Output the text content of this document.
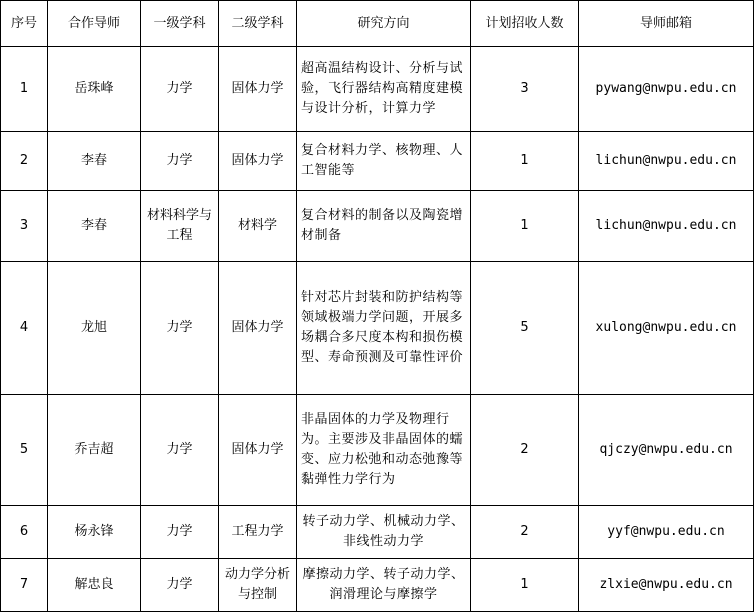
序号	合作导师	一级学科	二级学科	研究方向	计划招收人数	导师邮箱
1	岳珠峰	力学	固体力学	超高温结构设计、分析与试验，飞行器结构高精度建模与设计分析，计算力学	3	pywang@nwpu.edu.cn
2	李春	力学	固体力学	复合材料力学、核物理、人工智能等	1	lichun@nwpu.edu.cn
3	李春	材料科学与工程	材料学	复合材料的制备以及陶瓷增材制备	1	lichun@nwpu.edu.cn
4	龙旭	力学	固体力学	针对芯片封装和防护结构等领域极端力学问题，开展多场耦合多尺度本构和损伤模型、寿命预测及可靠性评价	5	xulong@nwpu.edu.cn
5	乔吉超	力学	固体力学	非晶固体的力学及物理行为。主要涉及非晶固体的蠕变、应力松弛和动态弛豫等黏弹性力学行为	2	qjczy@nwpu.edu.cn
6	杨永锋	力学	工程力学	转子动力学、机械动力学、非线性动力学	2	yyf@nwpu.edu.cn
7	解忠良	力学	动力学分析与控制	摩擦动力学、转子动力学、润滑理论与摩擦学	1	zlxie@nwpu.edu.cn
